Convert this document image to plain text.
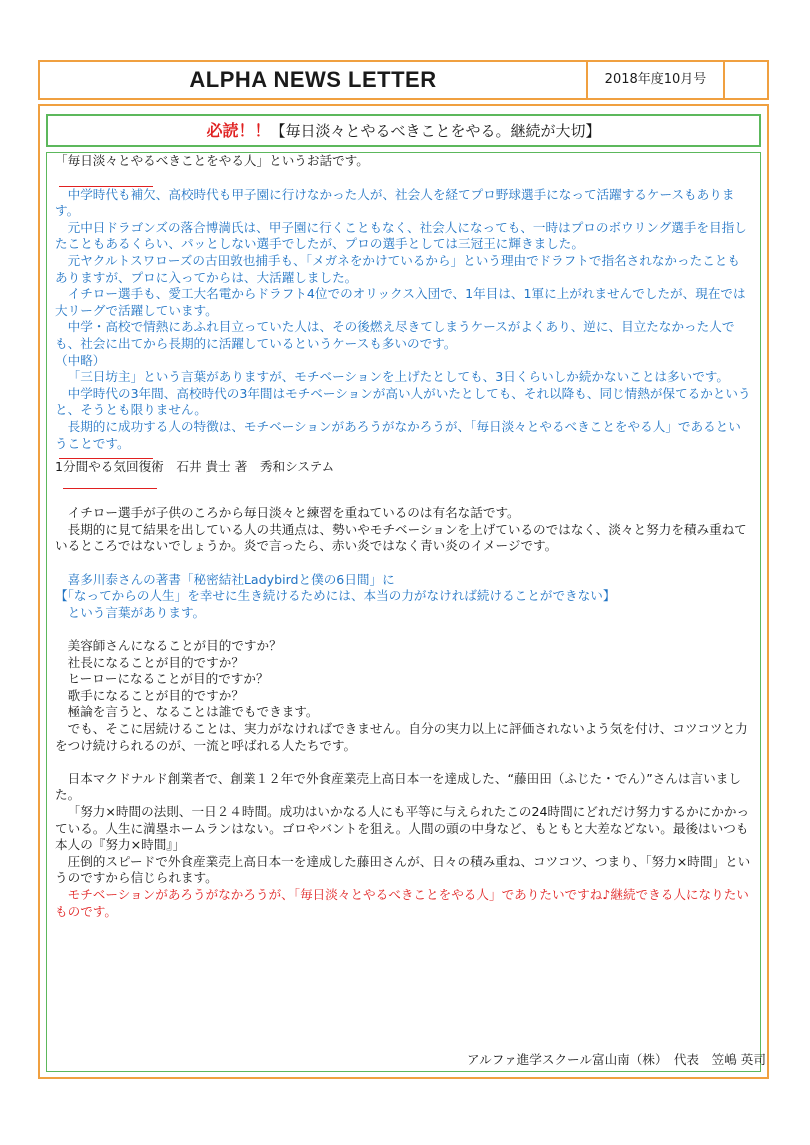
ALPHA NEWS LETTER	2018年度10月号
必読！！【毎日淡々とやるべきことをやる。継続が大切】

「毎日淡々とやるべきことをやる人」というお話です。

中学時代も補欠、高校時代も甲子園に行けなかった人が、社会人を経てプロ野球選手になって活躍するケースもあります。

元中日ドラゴンズの落合博満氏は、甲子園に行くこともなく、社会人になっても、一時はプロのボウリング選手を目指したこともあるくらい、パッとしない選手でしたが、プロの選手としては三冠王に輝きました。

元ヤクルトスワローズの古田敦也捕手も、「メガネをかけているから」という理由でドラフトで指名されなかったこともありますが、プロに入ってからは、大活躍しました。

イチロー選手も、愛工大名電からドラフト4位でのオリックス入団で、1年目は、1軍に上がれませんでしたが、現在では大リーグで活躍しています。

中学・高校で情熱にあふれ目立っていた人は、その後燃え尽きてしまうケースがよくあり、逆に、目立たなかった人でも、社会に出てから長期的に活躍しているというケースも多いのです。

（中略）

「三日坊主」という言葉がありますが、モチベーションを上げたとしても、3日くらいしか続かないことは多いです。

中学時代の3年間、高校時代の3年間はモチベーションが高い人がいたとしても、それ以降も、同じ情熱が保てるかというと、そうとも限りません。

長期的に成功する人の特徴は、モチベーションがあろうがなかろうが、「毎日淡々とやるべきことをやる人」であるということです。

1分間やる気回復術　石井 貴士 著　秀和システム

イチロー選手が子供のころから毎日淡々と練習を重ねているのは有名な話です。

長期的に見て結果を出している人の共通点は、勢いやモチベーションを上げているのではなく、淡々と努力を積み重ねているところではないでしょうか。炎で言ったら、赤い炎ではなく青い炎のイメージです。

喜多川泰さんの著書「秘密結社Ladybirdと僕の6日間」に

【「なってからの人生」を幸せに生き続けるためには、本当の力がなければ続けることができない】

という言葉があります。

美容師さんになることが目的ですか？

社長になることが目的ですか？

ヒーローになることが目的ですか？

歌手になることが目的ですか？

極論を言うと、なることは誰でもできます。

でも、そこに居続けることは、実力がなければできません。自分の実力以上に評価されないよう気を付け、コツコツと力をつけ続けられるのが、一流と呼ばれる人たちです。

日本マクドナルド創業者で、創業１２年で外食産業売上高日本一を達成した、“藤田田（ふじた・でん）”さんは言いました。

「努力×時間の法則、一日２４時間。成功はいかなる人にも平等に与えられたこの24時間にどれだけ努力するかにかかっている。人生に満塁ホームランはない。ゴロやバントを狙え。人間の頭の中身など、もともと大差などない。最後はいつも本人の『努力×時間』」

圧倒的スピードで外食産業売上高日本一を達成した藤田さんが、日々の積み重ね、コツコツ、つまり、「努力×時間」というのですから信じられます。

モチベーションがあろうがなかろうが、「毎日淡々とやるべきことをやる人」でありたいですね♪継続できる人になりたいものです。

アルファ進学スクール富山南（株）　代表　笠嶋 英司
